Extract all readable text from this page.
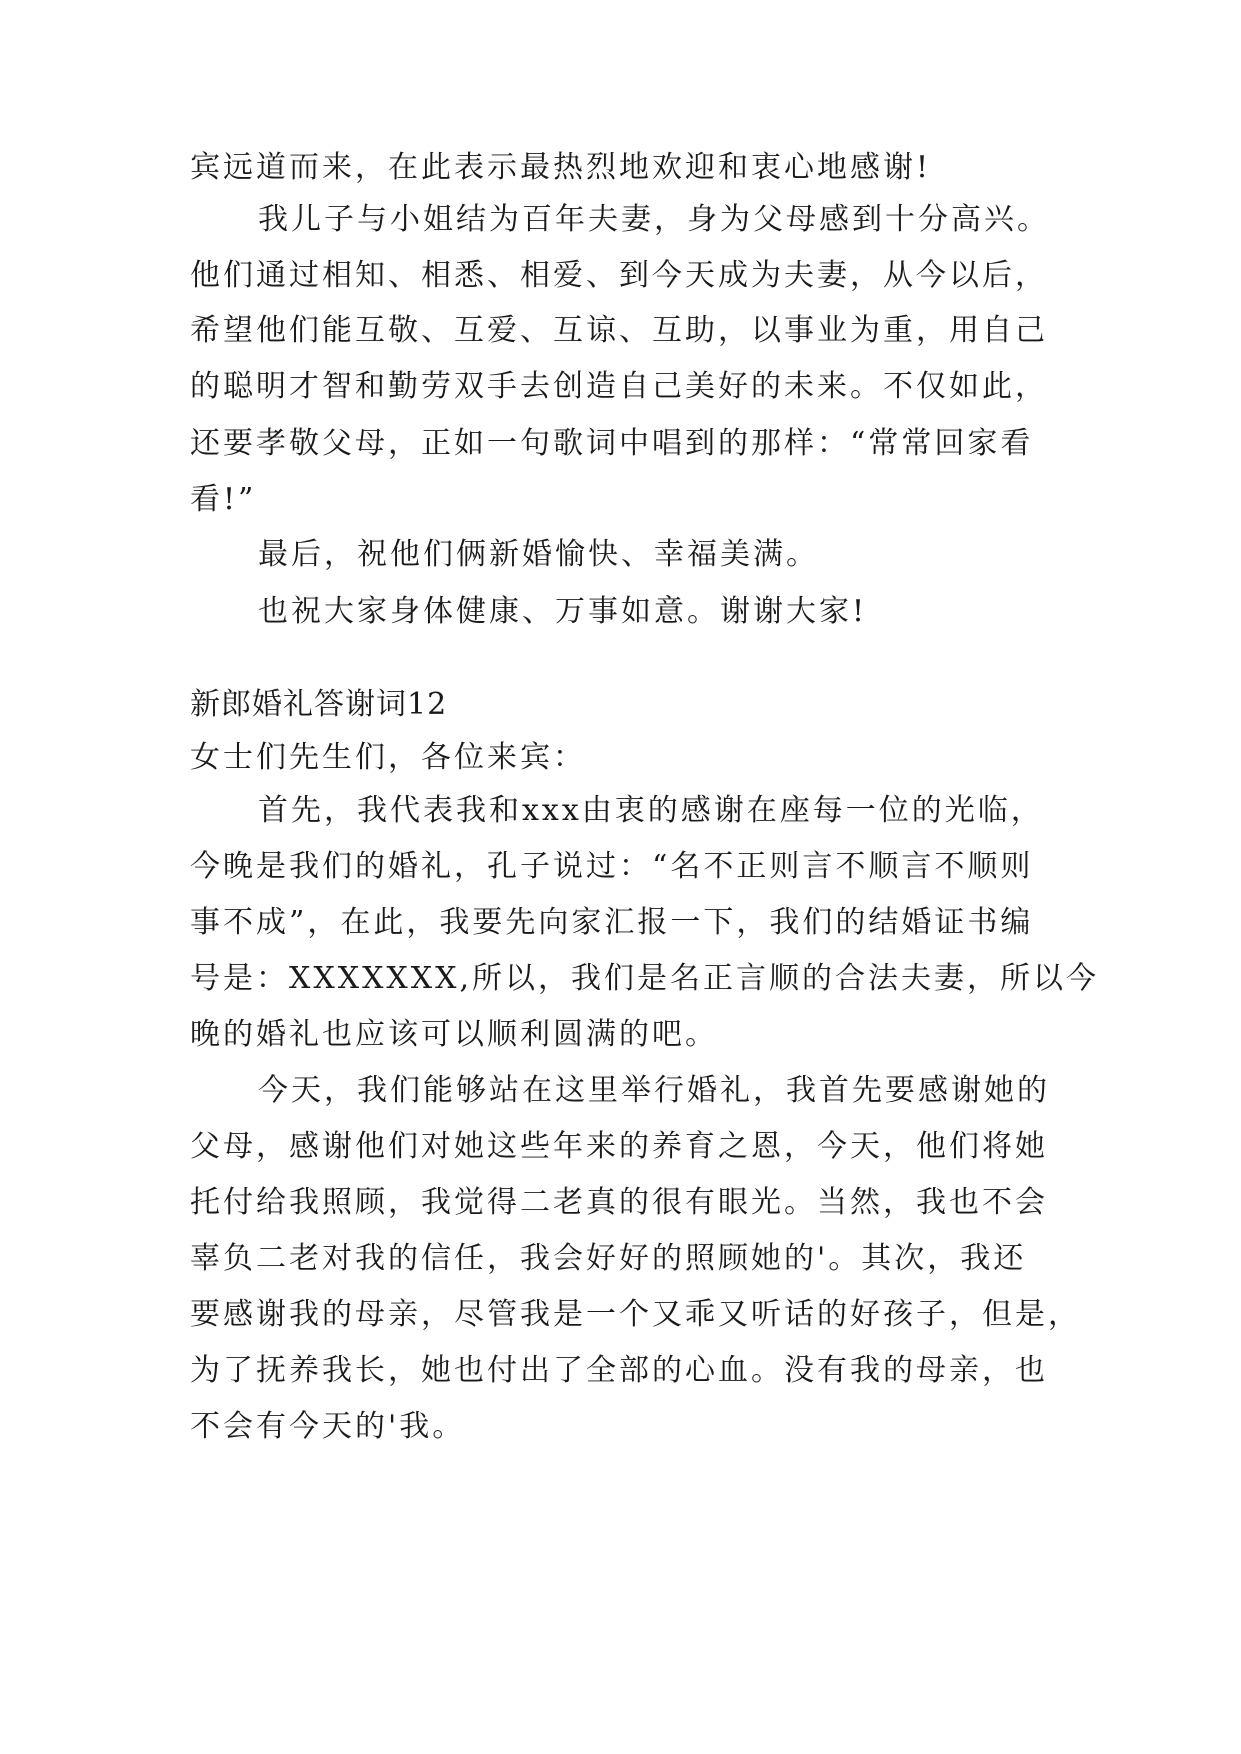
宾远道而来，在此表示最热烈地欢迎和衷心地感谢!
我儿子与小姐结为百年夫妻，身为父母感到十分高兴。
他们通过相知、相悉、相爱、到今天成为夫妻，从今以后，
希望他们能互敬、互爱、互谅、互助，以事业为重，用自己
的聪明才智和勤劳双手去创造自己美好的未来。不仅如此，
还要孝敬父母，正如一句歌词中唱到的那样：“常常回家看
看!”
最后，祝他们俩新婚愉快、幸福美满。
也祝大家身体健康、万事如意。谢谢大家!
新郎婚礼答谢词12
女士们先生们，各位来宾：
首先，我代表我和xxx由衷的感谢在座每一位的光临，
今晚是我们的婚礼，孔子说过：“名不正则言不顺言不顺则
事不成”，在此，我要先向家汇报一下，我们的结婚证书编
号是：XXXXXXX,所以，我们是名正言顺的合法夫妻，所以今
晚的婚礼也应该可以顺利圆满的吧。
今天，我们能够站在这里举行婚礼，我首先要感谢她的
父母，感谢他们对她这些年来的养育之恩，今天，他们将她
托付给我照顾，我觉得二老真的很有眼光。当然，我也不会
辜负二老对我的信任，我会好好的照顾她的'。其次，我还
要感谢我的母亲，尽管我是一个又乖又听话的好孩子，但是，
为了抚养我长，她也付出了全部的心血。没有我的母亲，也
不会有今天的'我。
